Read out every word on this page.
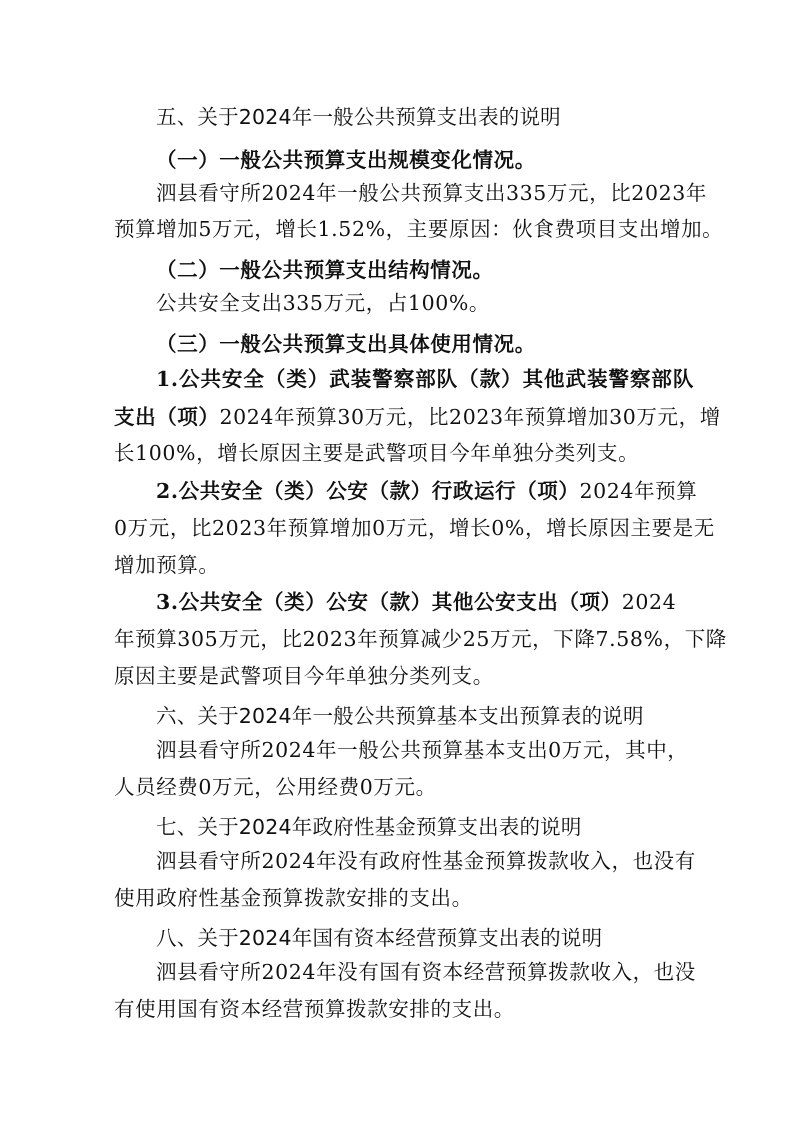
五、关于2024年一般公共预算支出表的说明
（一）一般公共预算支出规模变化情况。
泗县看守所2024年一般公共预算支出335万元，比2023年
预算增加5万元，增长1.52%，主要原因：伙食费项目支出增加。
（二）一般公共预算支出结构情况。
公共安全支出335万元，占100%。
（三）一般公共预算支出具体使用情况。
1.公共安全（类）武装警察部队（款）其他武装警察部队
支出（项）2024年预算30万元，比2023年预算增加30万元，增
长100%，增长原因主要是武警项目今年单独分类列支。
2.公共安全（类）公安（款）行政运行（项）2024年预算
0万元，比2023年预算增加0万元，增长0%，增长原因主要是无
增加预算。
3.公共安全（类）公安（款）其他公安支出（项）2024
年预算305万元，比2023年预算减少25万元，下降7.58%，下降
原因主要是武警项目今年单独分类列支。
六、关于2024年一般公共预算基本支出预算表的说明
泗县看守所2024年一般公共预算基本支出0万元，其中，
人员经费0万元，公用经费0万元。
七、关于2024年政府性基金预算支出表的说明
泗县看守所2024年没有政府性基金预算拨款收入，也没有
使用政府性基金预算拨款安排的支出。
八、关于2024年国有资本经营预算支出表的说明
泗县看守所2024年没有国有资本经营预算拨款收入，也没
有使用国有资本经营预算拨款安排的支出。
